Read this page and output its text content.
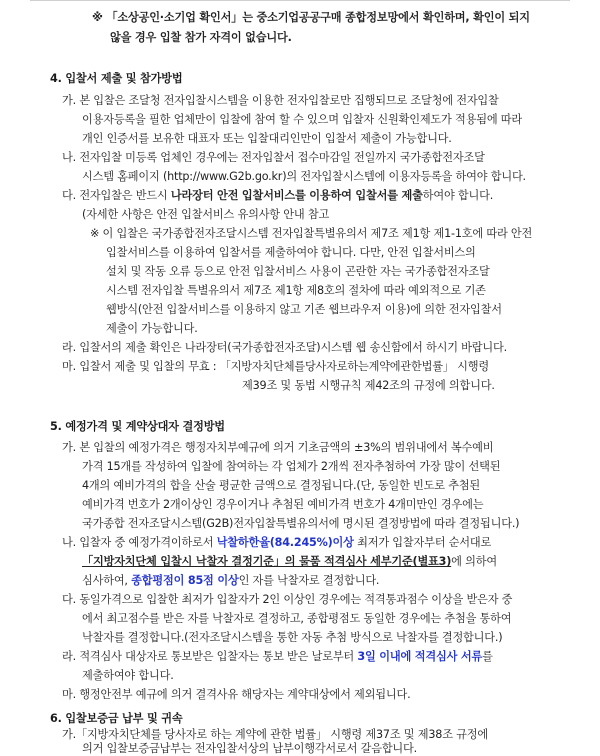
※ 「소상공인·소기업 확인서」는 중소기업공공구매 종합정보망에서 확인하며, 확인이 되지
않을 경우 입찰 참가 자격이 없습니다.
4. 입찰서 제출 및 참가방법
가. 본 입찰은 조달청 전자입찰시스템을 이용한 전자입찰로만 집행되므로 조달청에 전자입찰
이용자등록을 필한 업체만이 입찰에 참여 할 수 있으며 입찰자 신원확인제도가 적용됨에 따라
개인 인증서를 보유한 대표자 또는 입찰대리인만이 입찰서 제출이 가능합니다.
나. 전자입찰 미등록 업체인 경우에는 전자입찰서 접수마감일 전일까지 국가종합전자조달
시스템 홈페이지 (http://www.G2b.go.kr)의 전자입찰시스템에 이용자등록을 하여야 합니다.
다. 전자입찰은 반드시 나라장터 안전 입찰서비스를 이용하여 입찰서를 제출하여야 합니다.
(자세한 사항은 안전 입찰서비스 유의사항 안내 참고
※ 이 입찰은 국가종합전자조달시스템 전자입찰특별유의서 제7조 제1항 제1-1호에 따라 안전
입찰서비스를 이용하여 입찰서를 제출하여야 합니다. 다만, 안전 입찰서비스의
설치 및 작동 오류 등으로 안전 입찰서비스 사용이 곤란한 자는 국가종합전자조달
시스템 전자입찰 특별유의서 제7조 제1항 제8호의 절차에 따라 예외적으로 기존
웹방식(안전 입찰서비스를 이용하지 않고 기존 웹브라우저 이용)에 의한 전자입찰서
제출이 가능합니다.
라. 입찰서의 제출 확인은 나라장터(국가종합전자조달)시스템 웹 송신함에서 하시기 바랍니다.
마. 입찰서 제출 및 입찰의 무효 : 「지방자치단체를당사자로하는계약에관한법률」 시행령
제39조 및 동법 시행규칙 제42조의 규정에 의합니다.
5. 예정가격 및 계약상대자 결정방법
가. 본 입찰의 예정가격은 행정자치부예규에 의거 기초금액의 ±3%의 범위내에서 복수예비
가격 15개를 작성하여 입찰에 참여하는 각 업체가 2개씩 전자추첨하여 가장 많이 선택된
4개의 예비가격의 합을 산술 평균한 금액으로 결정됩니다.(단, 동일한 빈도로 추첨된
예비가격 번호가 2개이상인 경우이거나 추첨된 예비가격 번호가 4개미만인 경우에는
국가종합 전자조달시스템(G2B)전자입찰특별유의서에 명시된 결정방법에 따라 결정됩니다.)
나. 입찰자 중 예정가격이하로서 낙찰하한율(84.245%)이상 최저가 입찰자부터 순서대로
「지방자치단체 입찰시 낙찰자 결정기준」의 물품 적격심사 세부기준(별표3)에 의하여
심사하여, 종합평점이 85점 이상인 자를 낙찰자로 결정합니다.
다. 동일가격으로 입찰한 최저가 입찰자가 2인 이상인 경우에는 적격통과점수 이상을 받은자 중
에서 최고점수를 받은 자를 낙찰자로 결정하고, 종합평점도 동일한 경우에는 추첨을 통하여
낙찰자를 결정합니다.(전자조달시스템을 통한 자동 추첨 방식으로 낙찰자를 결정합니다.)
라. 적격심사 대상자로 통보받은 입찰자는 통보 받은 날로부터 3일 이내에 적격심사 서류를
제출하여야 합니다.
마. 행정안전부 예규에 의거 결격사유 해당자는 계약대상에서 제외됩니다.
6. 입찰보증금 납부 및 귀속
가.「지방자치단체를 당사자로 하는 계약에 관한 법률」 시행령 제37조 및 제38조 규정에
의거 입찰보증금납부는 전자입찰서상의 납부이행각서로서 갈음합니다.
